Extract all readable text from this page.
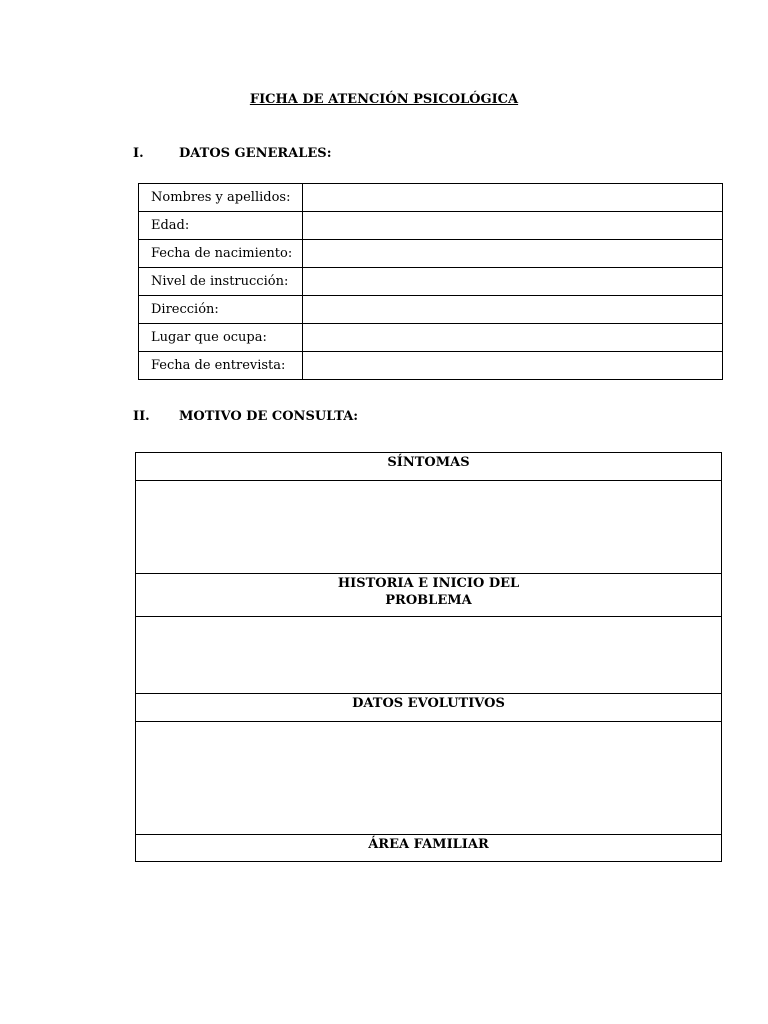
FICHA DE ATENCIÓN PSICOLÓGICA
I.	DATOS GENERALES:
Nombres y apellidos:	
Edad:	
Fecha de nacimiento:	
Nivel de instrucción:	
Dirección:	
Lugar que ocupa:	
Fecha de entrevista:	
II. MOTIVO DE CONSULTA:
SÍNTOMAS

HISTORIA E INICIO DEL PROBLEMA

DATOS EVOLUTIVOS

ÁREA FAMILIAR
